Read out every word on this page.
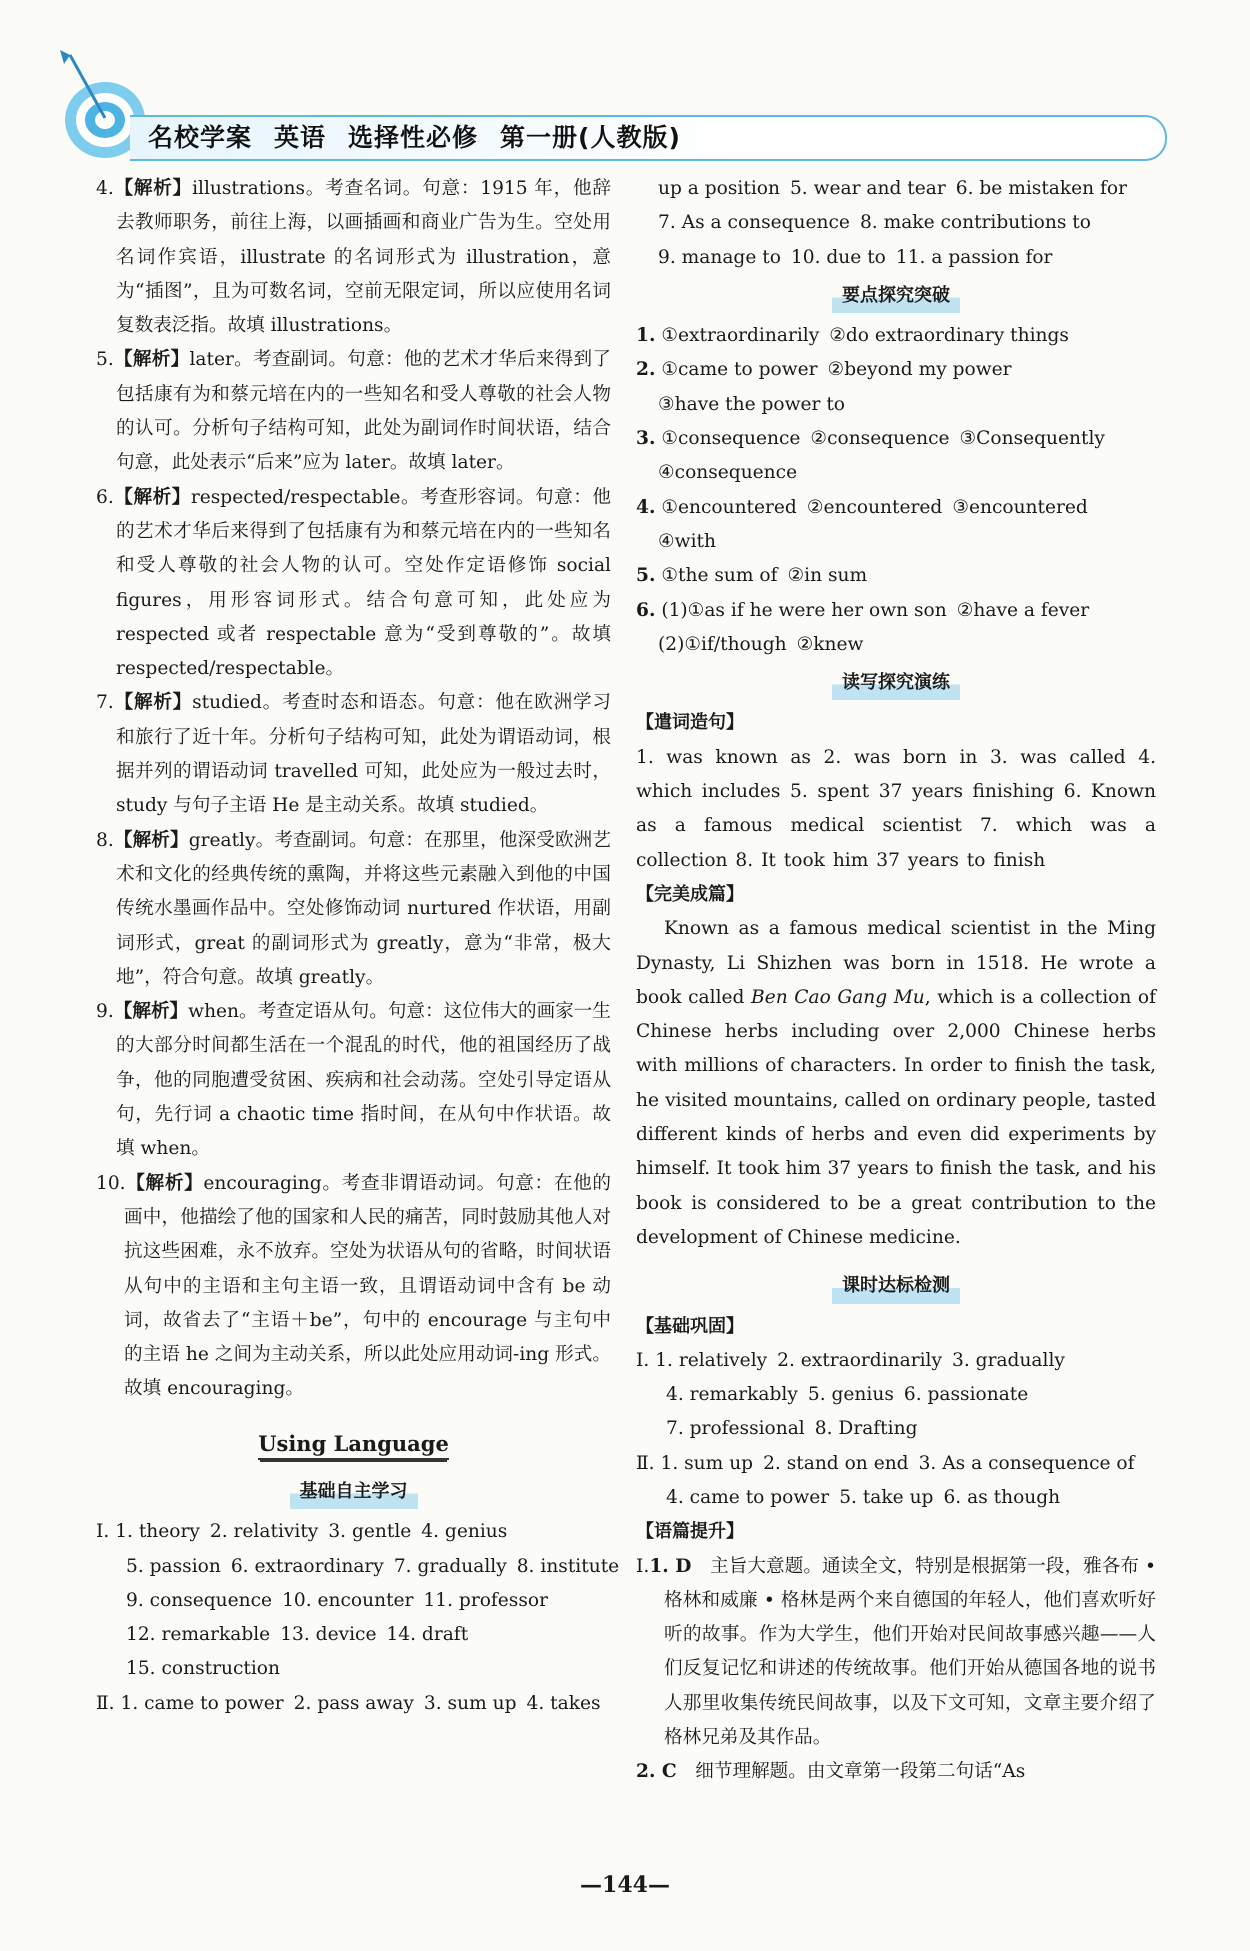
名校学案 英语 选择性必修 第一册(人教版)
4.【解析】illustrations。考查名词。句意：1915 年，他辞去教师职务，前往上海，以画插画和商业广告为生。空处用名词作宾语，illustrate 的名词形式为 illustration，意为“插图”，且为可数名词，空前无限定词，所以应使用名词复数表泛指。故填 illustrations。
5.【解析】later。考查副词。句意：他的艺术才华后来得到了包括康有为和蔡元培在内的一些知名和受人尊敬的社会人物的认可。分析句子结构可知，此处为副词作时间状语，结合句意，此处表示“后来”应为 later。故填 later。
6.【解析】respected/respectable。考查形容词。句意：他的艺术才华后来得到了包括康有为和蔡元培在内的一些知名和受人尊敬的社会人物的认可。空处作定语修饰 social figures，用形容词形式。结合句意可知，此处应为 respected 或者 respectable 意为“受到尊敬的”。故填 respected/respectable。
7.【解析】studied。考查时态和语态。句意：他在欧洲学习和旅行了近十年。分析句子结构可知，此处为谓语动词，根据并列的谓语动词 travelled 可知，此处应为一般过去时，study 与句子主语 He 是主动关系。故填 studied。
8.【解析】greatly。考查副词。句意：在那里，他深受欧洲艺术和文化的经典传统的熏陶，并将这些元素融入到他的中国传统水墨画作品中。空处修饰动词 nurtured 作状语，用副词形式，great 的副词形式为 greatly，意为“非常，极大地”，符合句意。故填 greatly。
9.【解析】when。考查定语从句。句意：这位伟大的画家一生的大部分时间都生活在一个混乱的时代，他的祖国经历了战争，他的同胞遭受贫困、疾病和社会动荡。空处引导定语从句，先行词 a chaotic time 指时间，在从句中作状语。故填 when。
10.【解析】encouraging。考查非谓语动词。句意：在他的画中，他描绘了他的国家和人民的痛苦，同时鼓励其他人对抗这些困难，永不放弃。空处为状语从句的省略，时间状语从句中的主语和主句主语一致，且谓语动词中含有 be 动词，故省去了“主语＋be”，句中的 encourage 与主句中的主语 he 之间为主动关系，所以此处应用动词-ing 形式。故填 encouraging。
Using Language
基础自主学习
Ⅰ. 1. theory 2. relativity 3. gentle 4. genius
5. passion 6. extraordinary 7. gradually 8. institute
9. consequence 10. encounter 11. professor
12. remarkable 13. device 14. draft
15. construction
Ⅱ. 1. came to power 2. pass away 3. sum up 4. takes
up a position 5. wear and tear 6. be mistaken for
7. As a consequence 8. make contributions to
9. manage to 10. due to 11. a passion for
要点探究突破
1. ①extraordinarily ②do extraordinary things
2. ①came to power ②beyond my power
③have the power to
3. ①consequence ②consequence ③Consequently
④consequence
4. ①encountered ②encountered ③encountered
④with
5. ①the sum of ②in sum
6. (1)①as if he were her own son ②have a fever
(2)①if/though ②knew
读写探究演练
【遣词造句】
1. was known as 2. was born in 3. was called 4. which includes 5. spent 37 years finishing 6. Known as a famous medical scientist 7. which was a collection 8. It took him 37 years to finish
【完美成篇】
Known as a famous medical scientist in the Ming Dynasty, Li Shizhen was born in 1518. He wrote a book called Ben Cao Gang Mu, which is a collection of Chinese herbs including over 2,000 Chinese herbs with millions of characters. In order to finish the task, he visited mountains, called on ordinary people, tasted different kinds of herbs and even did experiments by himself. It took him 37 years to finish the task, and his book is considered to be a great contribution to the development of Chinese medicine.
课时达标检测
【基础巩固】
Ⅰ. 1. relatively 2. extraordinarily 3. gradually
4. remarkably 5. genius 6. passionate
7. professional 8. Drafting
Ⅱ. 1. sum up 2. stand on end 3. As a consequence of
4. came to power 5. take up 6. as though
【语篇提升】
Ⅰ.1. D　 主旨大意题。通读全文，特别是根据第一段，雅各布 • 格林和威廉 • 格林是两个来自德国的年轻人，他们喜欢听好听的故事。作为大学生，他们开始对民间故事感兴趣——人们反复记忆和讲述的传统故事。他们开始从德国各地的说书人那里收集传统民间故事，以及下文可知，文章主要介绍了格林兄弟及其作品。
2. C　 细节理解题。由文章第一段第二句话“As
—144—
